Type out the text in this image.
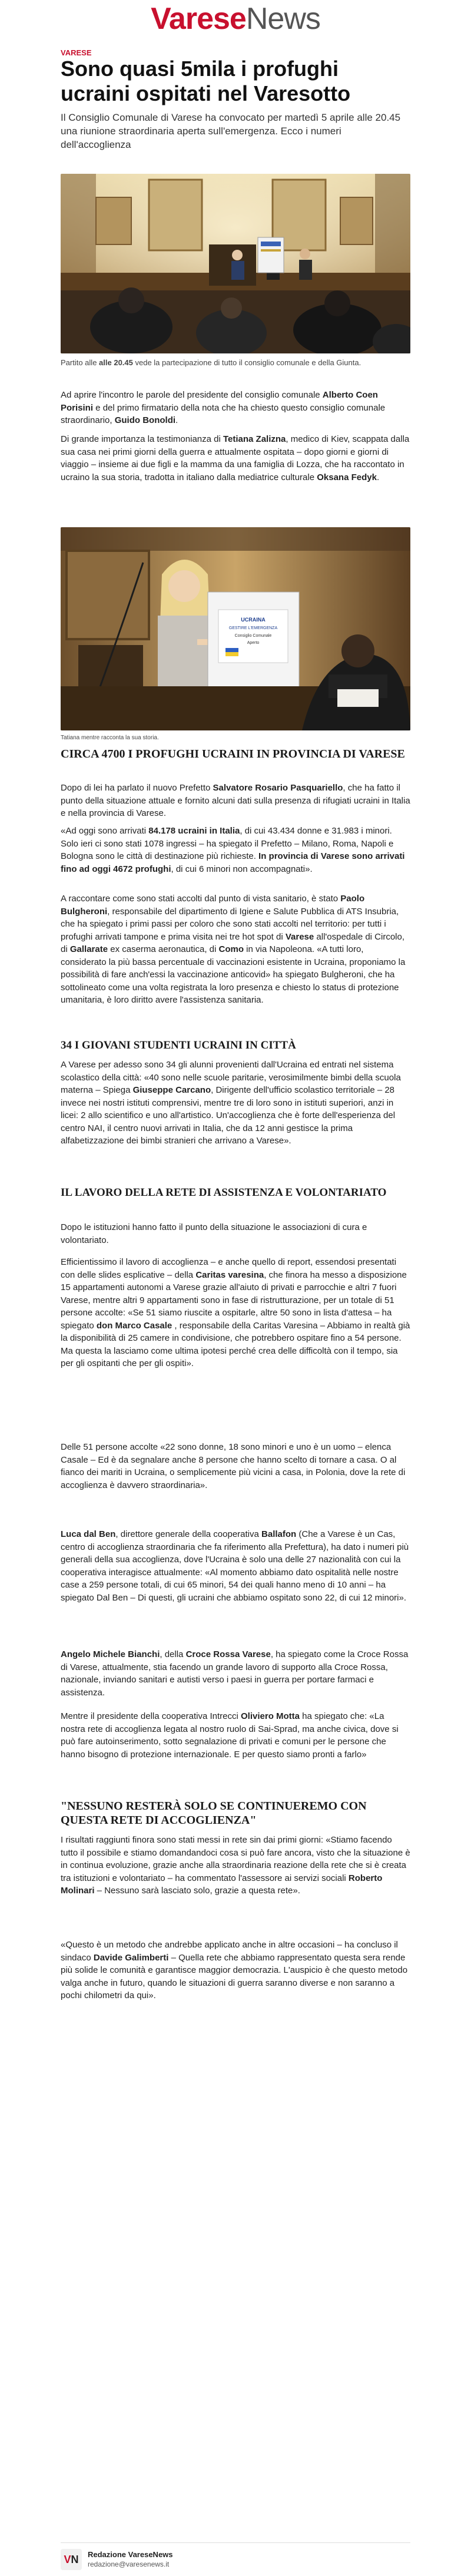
VareseNews
VARESE
Sono quasi 5mila i profughi ucraini ospitati nel Varesotto

Il Consiglio Comunale di Varese ha convocato per martedì 5 aprile alle 20.45 una riunione straordinaria aperta sull'emergenza. Ecco i numeri dell'accoglienza

Partito alle alle 20.45 vede la partecipazione di tutto il consiglio comunale e della Giunta.

Ad aprire l'incontro le parole del presidente del consiglio comunale Alberto Coen Porisini e del primo firmatario della nota che ha chiesto questo consiglio comunale straordinario, Guido Bonoldi.

Di grande importanza la testimonianza di Tetiana Zalizna, medico di Kiev, scappata dalla sua casa nei primi giorni della guerra e attualmente ospitata – dopo giorni e giorni di viaggio – insieme ai due figli e la mamma da una famiglia di Lozza, che ha raccontato in ucraino la sua storia, tradotta in italiano dalla mediatrice culturale Oksana Fedyk.

UCRAINA
GESTIRE L'EMERGENZA
Consiglio Comunale
Aperto
Tatiana mentre racconta la sua storia.
CIRCA 4700 I PROFUGHI UCRAINI IN PROVINCIA DI VARESE

Dopo di lei ha parlato il nuovo Prefetto Salvatore Rosario Pasquariello, che ha fatto il punto della situazione attuale e fornito alcuni dati sulla presenza di rifugiati ucraini in Italia e nella provincia di Varese.

«Ad oggi sono arrivati 84.178 ucraini in Italia, di cui 43.434 donne e 31.983 i minori. Solo ieri ci sono stati 1078 ingressi – ha spiegato il Prefetto – Milano, Roma, Napoli e Bologna sono le città di destinazione più richieste. In provincia di Varese sono arrivati fino ad oggi 4672 profughi, di cui 6 minori non accompagnati».

A raccontare come sono stati accolti dal punto di vista sanitario, è stato Paolo Bulgheroni, responsabile del dipartimento di Igiene e Salute Pubblica di ATS Insubria, che ha spiegato i primi passi per coloro che sono stati accolti nel territorio: per tutti i profughi arrivati tampone e prima visita nei tre hot spot di Varese all'ospedale di Circolo, di Gallarate ex caserma aeronautica, di Como in via Napoleona. «A tutti loro, considerato la più bassa percentuale di vaccinazioni esistente in Ucraina, proponiamo la possibilità di fare anch'essi la vaccinazione anticovid» ha spiegato Bulgheroni, che ha sottolineato come una volta registrata la loro presenza e chiesto lo status di protezione umanitaria, è loro diritto avere l'assistenza sanitaria.

34 I GIOVANI STUDENTI UCRAINI IN CITTÀ

A Varese per adesso sono 34 gli alunni provenienti dall'Ucraina ed entrati nel sistema scolastico della città: «40 sono nelle scuole paritarie, verosimilmente bimbi della scuola materna – Spiega Giuseppe Carcano, Dirigente dell'ufficio scolastico territoriale – 28 invece nei nostri istituti comprensivi, mentre tre di loro sono in istituti superiori, anzi in licei: 2 allo scientifico e uno all'artistico. Un'accoglienza che è forte dell'esperienza del centro NAI, il centro nuovi arrivati in Italia, che da 12 anni gestisce la prima alfabetizzazione dei bimbi stranieri che arrivano a Varese».

IL LAVORO DELLA RETE DI ASSISTENZA E VOLONTARIATO

Dopo le istituzioni hanno fatto il punto della situazione le associazioni di cura e volontariato.

Efficientissimo il lavoro di accoglienza – e anche quello di report, essendosi presentati con delle slides esplicative – della Caritas varesina, che finora ha messo a disposizione 15 appartamenti autonomi a Varese grazie all'aiuto di privati e parrocchie e altri 7 fuori Varese, mentre altri 9 appartamenti sono in fase di ristrutturazione, per un totale di 51 persone accolte: «Se 51 siamo riuscite a ospitarle, altre 50 sono in lista d'attesa – ha spiegato don Marco Casale , responsabile della Caritas Varesina – Abbiamo in realtà già la disponibilità di 25 camere in condivisione, che potrebbero ospitare fino a 54 persone. Ma questa la lasciamo come ultima ipotesi perché crea delle difficoltà con il tempo, sia per gli ospitanti che per gli ospiti».

Delle 51 persone accolte «22 sono donne, 18 sono minori e uno è un uomo – elenca Casale – Ed è da segnalare anche 8 persone che hanno scelto di tornare a casa. O al fianco dei mariti in Ucraina, o semplicemente più vicini a casa, in Polonia, dove la rete di accoglienza è davvero straordinaria».

Luca dal Ben, direttore generale della cooperativa Ballafon (Che a Varese è un Cas, centro di accoglienza straordinaria che fa riferimento alla Prefettura), ha dato i numeri più generali della sua accoglienza, dove l'Ucraina è solo una delle 27 nazionalità con cui la cooperativa interagisce attualmente: «Al momento abbiamo dato ospitalità nelle nostre case a 259 persone totali, di cui 65 minori, 54 dei quali hanno meno di 10 anni – ha spiegato Dal Ben – Di questi, gli ucraini che abbiamo ospitato sono 22, di cui 12 minori».

Angelo Michele Bianchi, della Croce Rossa Varese, ha spiegato come la Croce Rossa di Varese, attualmente, stia facendo un grande lavoro di supporto alla Croce Rossa, nazionale, inviando sanitari e autisti verso i paesi in guerra per portare farmaci e assistenza.

Mentre il presidente della cooperativa Intrecci Oliviero Motta ha spiegato che: «La nostra rete di accoglienza legata al nostro ruolo di Sai-Sprad, ma anche civica, dove si può fare autoinserimento, sotto segnalazione di privati e comuni per le persone che hanno bisogno di protezione internazionale. E per questo siamo pronti a farlo»

"NESSUNO RESTERÀ SOLO SE CONTINUEREMO CON QUESTA RETE DI ACCOGLIENZA"

I risultati raggiunti finora sono stati messi in rete sin dai primi giorni: «Stiamo facendo tutto il possibile e stiamo domandandoci cosa si può fare ancora, visto che la situazione è in continua evoluzione, grazie anche alla straordinaria reazione della rete che si è creata tra istituzioni e volontariato – ha commentato l'assessore ai servizi sociali Roberto Molinari – Nessuno sarà lasciato solo, grazie a questa rete».

«Questo è un metodo che andrebbe applicato anche in altre occasioni – ha concluso il sindaco Davide Galimberti – Quella rete che abbiamo rappresentato questa sera rende più solide le comunità e garantisce maggior democrazia. L'auspicio è che questo metodo valga anche in futuro, quando le situazioni di guerra saranno diverse e non saranno a pochi chilometri da qui».

VN	Redazione VareseNews
redazione@varesenews.it
